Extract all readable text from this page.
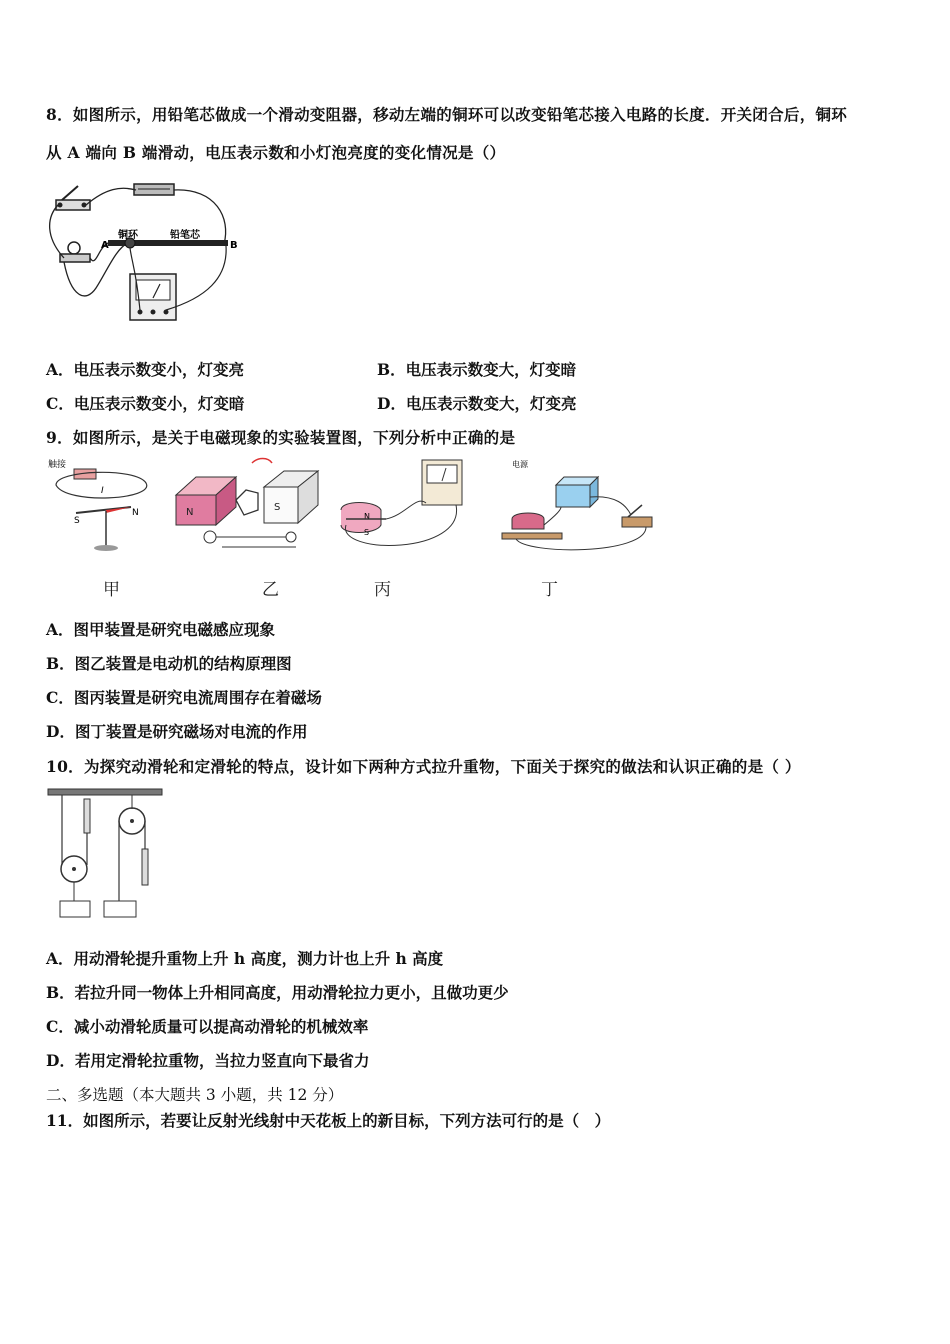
8．如图所示，用铅笔芯做成一个滑动变阻器，移动左端的铜环可以改变铅笔芯接入电路的长度．开关闭合后，铜环
从 A 端向 B 端滑动，电压表示数和小灯泡亮度的变化情况是（）
铜环	铅笔芯
A	B
A．电压表示数变小，灯变亮	B．电压表示数变大，灯变暗
C．电压表示数变小，灯变暗	D．电压表示数变大，灯变亮
9．如图所示，是关于电磁现象的实验装置图，下列分析中正确的是
触接
I
S
N	N	S
N
S
电源
甲	乙	丙	丁
A．图甲装置是研究电磁感应现象
B．图乙装置是电动机的结构原理图
C．图丙装置是研究电流周围存在着磁场
D．图丁装置是研究磁场对电流的作用
10．为探究动滑轮和定滑轮的特点，设计如下两种方式拉升重物，下面关于探究的做法和认识正确的是（ ）
A．用动滑轮提升重物上升 h 高度，测力计也上升 h 高度
B．若拉升同一物体上升相同高度，用动滑轮拉力更小，且做功更少
C．减小动滑轮质量可以提高动滑轮的机械效率
D．若用定滑轮拉重物，当拉力竖直向下最省力
二、多选题（本大题共 3 小题，共 12 分）
11．如图所示，若要让反射光线射中天花板上的新目标，下列方法可行的是（　）
